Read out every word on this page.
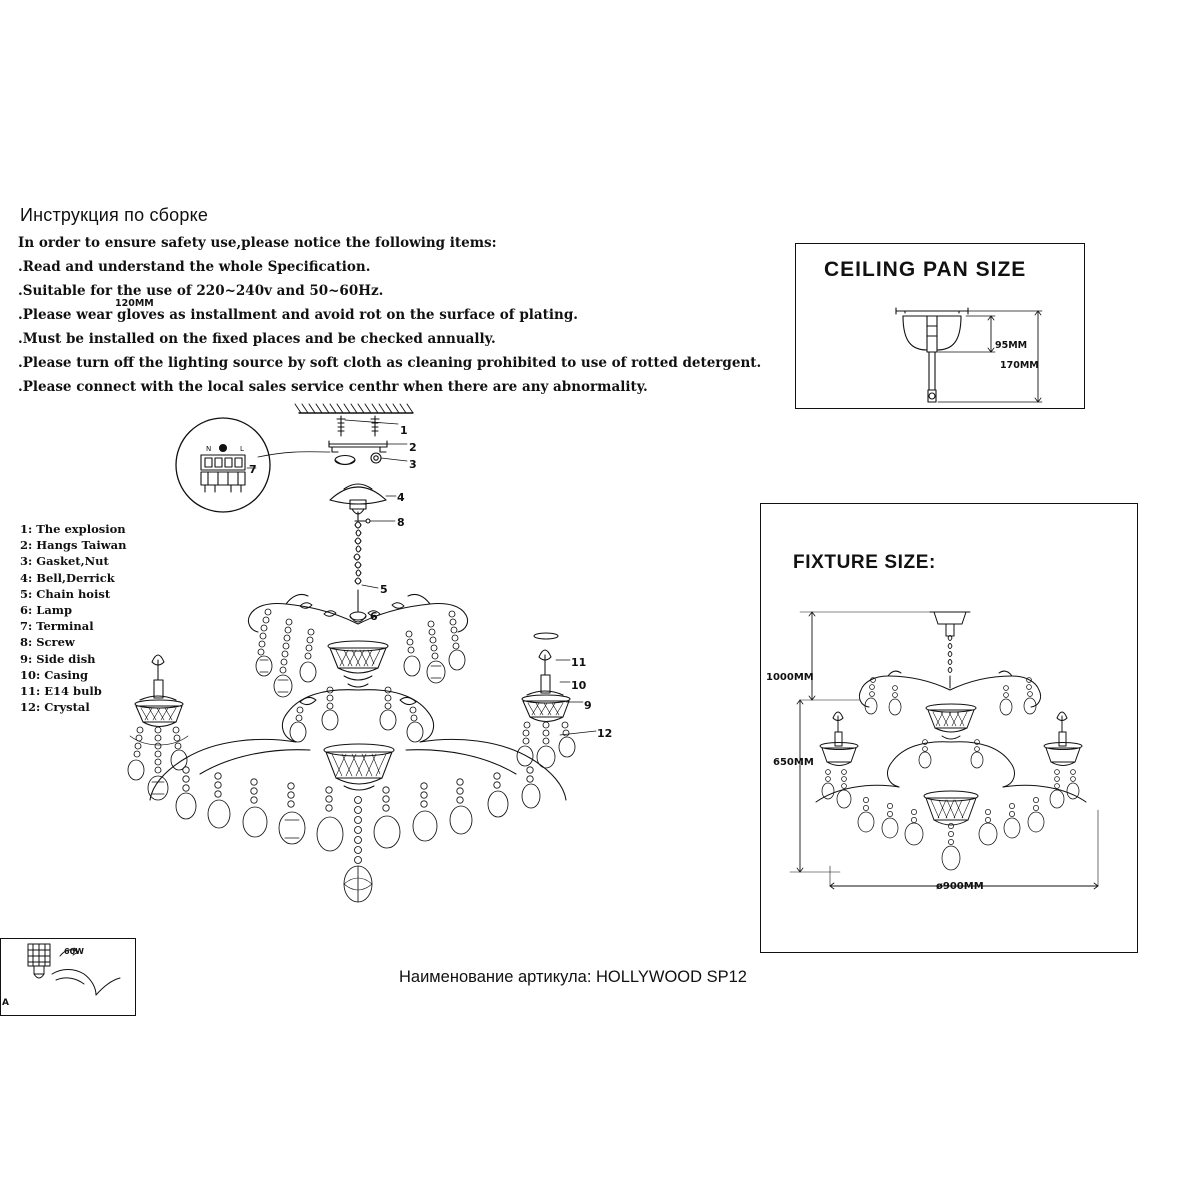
Инструкция по сборке
In order to ensure safety use,please notice the following items:
.Read and understand the whole Specification.
.Suitable for the use of 220~240v and 50~60Hz.
.Please wear gloves as installment and avoid rot on the surface of plating.
.Must be installed on the fixed places and be checked annually.
.Please turn off the lighting source by soft cloth as cleaning prohibited to use of rotted detergent.
.Please connect with the local sales service centhr when there are any abnormality.
1: The explosion
2: Hangs Taiwan
3: Gasket,Nut
4: Bell,Derrick
5: Chain hoist
6: Lamp
7: Terminal
8: Screw
9: Side dish
10: Casing
11: E14 bulb
12: Crystal
CEILING PAN SIZE
120MM
95MM
170MM
FIXTURE SIZE:
Наименование артикула: HOLLYWOOD SP12
A
1
2
3
4
8
5
6
7
11
10
9
12
N	L
60W
1000MM
650MM
ø900MM
